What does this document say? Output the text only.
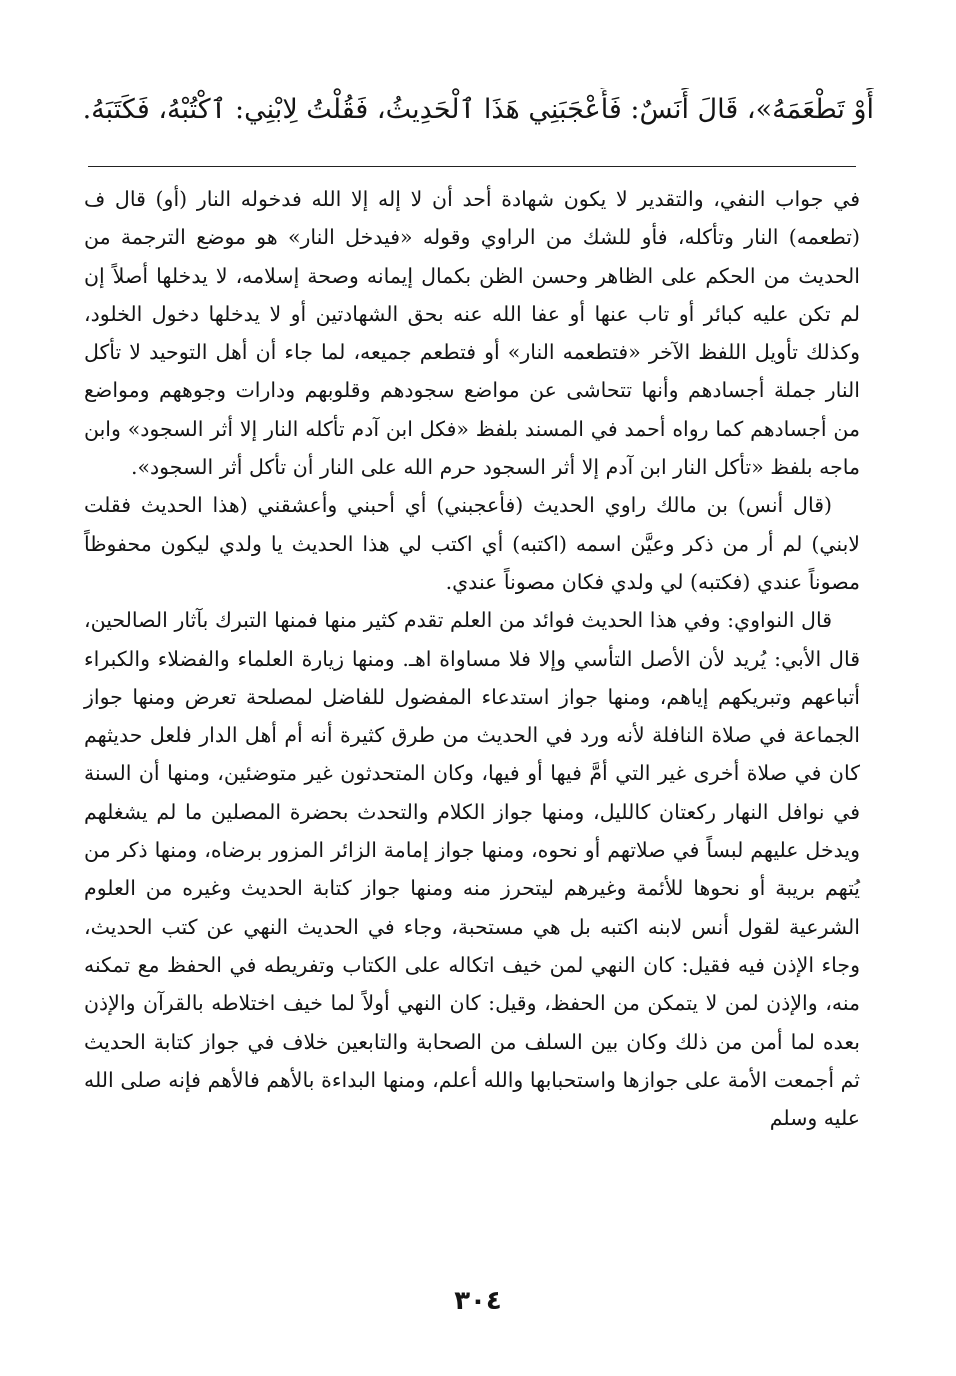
أَوْ تَطْعَمَهُ»، قَالَ أَنَسٌ: فَأَعْجَبَنِي هَذَا ٱلْحَدِيثُ، فَقُلْتُ لِابْنِي: ٱكْتُبْهُ، فَكَتَبَهُ.

في جواب النفي، والتقدير لا يكون شهادة أحد أن لا إله إلا الله فدخوله النار (أو) قال ف (تطعمه) النار وتأكله، فأو للشك من الراوي وقوله «فيدخل النار» هو موضع الترجمة من الحديث من الحكم على الظاهر وحسن الظن بكمال إيمانه وصحة إسلامه، لا يدخلها أصلاً إن لم تكن عليه كبائر أو تاب عنها أو عفا الله عنه بحق الشهادتين أو لا يدخلها دخول الخلود، وكذلك تأويل اللفظ الآخر «فتطعمه النار» أو فتطعم جميعه، لما جاء أن أهل التوحيد لا تأكل النار جملة أجسادهم وأنها تتحاشى عن مواضع سجودهم وقلوبهم ودارات وجوههم ومواضع من أجسادهم كما رواه أحمد في المسند بلفظ «فكل ابن آدم تأكله النار إلا أثر السجود» وابن ماجه بلفظ «تأكل النار ابن آدم إلا أثر السجود حرم الله على النار أن تأكل أثر السجود».

(قال أنس) بن مالك راوي الحديث (فأعجبني) أي أحبني وأعشقني (هذا الحديث فقلت لابني) لم أر من ذكر وعيَّن اسمه (اكتبه) أي اكتب لي هذا الحديث يا ولدي ليكون محفوظاً مصوناً عندي (فكتبه) لي ولدي فكان مصوناً عندي.

قال النواوي: وفي هذا الحديث فوائد من العلم تقدم كثير منها فمنها التبرك بآثار الصالحين، قال الأبي: يُريد لأن الأصل التأسي وإلا فلا مساواة اهـ. ومنها زيارة العلماء والفضلاء والكبراء أتباعهم وتبريكهم إياهم، ومنها جواز استدعاء المفضول للفاضل لمصلحة تعرض ومنها جواز الجماعة في صلاة النافلة لأنه ورد في الحديث من طرق كثيرة أنه أم أهل الدار فلعل حديثهم كان في صلاة أخرى غير التي أمَّ فيها أو فيها، وكان المتحدثون غير متوضئين، ومنها أن السنة في نوافل النهار ركعتان كالليل، ومنها جواز الكلام والتحدث بحضرة المصلين ما لم يشغلهم ويدخل عليهم لبساً في صلاتهم أو نحوه، ومنها جواز إمامة الزائر المزور برضاه، ومنها ذكر من يُتهم بريبة أو نحوها للأئمة وغيرهم ليتحرز منه ومنها جواز كتابة الحديث وغيره من العلوم الشرعية لقول أنس لابنه اكتبه بل هي مستحبة، وجاء في الحديث النهي عن كتب الحديث، وجاء الإذن فيه فقيل: كان النهي لمن خيف اتكاله على الكتاب وتفريطه في الحفظ مع تمكنه منه، والإذن لمن لا يتمكن من الحفظ، وقيل: كان النهي أولاً لما خيف اختلاطه بالقرآن والإذن بعده لما أمن من ذلك وكان بين السلف من الصحابة والتابعين خلاف في جواز كتابة الحديث ثم أجمعت الأمة على جوازها واستحبابها والله أعلم، ومنها البداءة بالأهم فالأهم فإنه صلى الله عليه وسلم

٣٠٤
